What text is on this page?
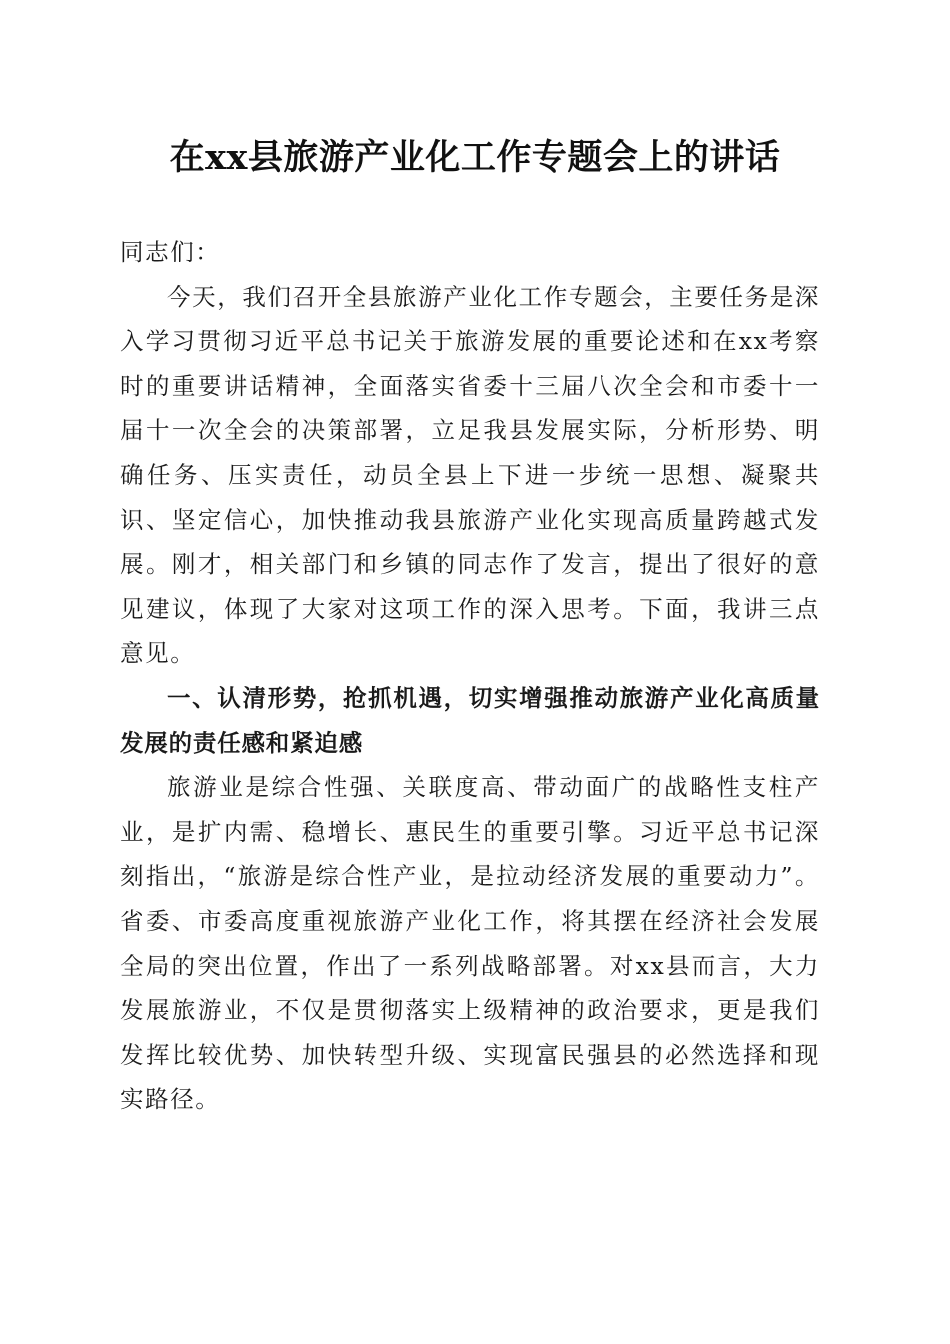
在xx县旅游产业化工作专题会上的讲话

同志们：

今天，我们召开全县旅游产业化工作专题会，主要任务是深入学习贯彻习近平总书记关于旅游发展的重要论述和在xx考察时的重要讲话精神，全面落实省委十三届八次全会和市委十一届十一次全会的决策部署，立足我县发展实际，分析形势、明确任务、压实责任，动员全县上下进一步统一思想、凝聚共识、坚定信心，加快推动我县旅游产业化实现高质量跨越式发展。刚才，相关部门和乡镇的同志作了发言，提出了很好的意见建议，体现了大家对这项工作的深入思考。下面，我讲三点意见。

一、认清形势，抢抓机遇，切实增强推动旅游产业化高质量发展的责任感和紧迫感

旅游业是综合性强、关联度高、带动面广的战略性支柱产业，是扩内需、稳增长、惠民生的重要引擎。习近平总书记深刻指出，“旅游是综合性产业，是拉动经济发展的重要动力”。省委、市委高度重视旅游产业化工作，将其摆在经济社会发展全局的突出位置，作出了一系列战略部署。对xx县而言，大力发展旅游业，不仅是贯彻落实上级精神的政治要求，更是我们发挥比较优势、加快转型升级、实现富民强县的必然选择和现实路径。
